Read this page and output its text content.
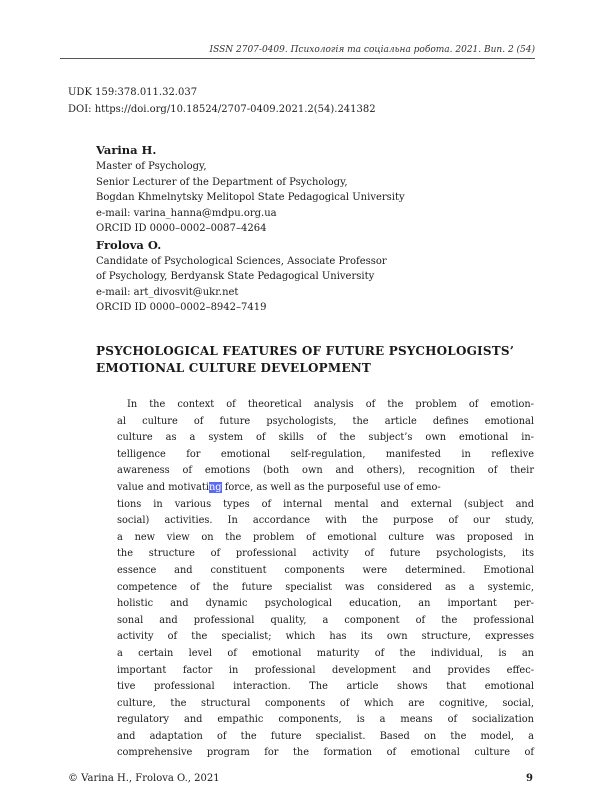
ISSN 2707-0409. Психологія та соціальна робота. 2021. Вип. 2 (54)
UDK 159:378.011.32.037
DOI: https://doi.org/10.18524/2707-0409.2021.2(54).241382
Varina H.
Master of Psychology,
Senior Lecturer of the Department of Psychology,
Bogdan Khmelnytsky Melitopol State Pedagogical University
e-mail: varina_hanna@mdpu.org.ua
ORCID ID 0000–0002–0087–4264
Frolova O.
Candidate of Psychological Sciences, Associate Professor
of Psychology, Berdyansk State Pedagogical University
e-mail: art_divosvit@ukr.net
ORCID ID 0000–0002–8942–7419
PSYCHOLOGICAL FEATURES OF FUTURE PSYCHOLOGISTS’
EMOTIONAL CULTURE DEVELOPMENT
In the context of theoretical analysis of the problem of emotion-
al culture of future psychologists, the article defines emotional
culture as a system of skills of the subject’s own emotional in-
telligence for emotional self-regulation, manifested in reflexive
awareness of emotions (both own and others), recognition of their
value and motivating force, as well as the purposeful use of emo-
tions in various types of internal mental and external (subject and
social) activities. In accordance with the purpose of our study,
a new view on the problem of emotional culture was proposed in
the structure of professional activity of future psychologists, its
essence and constituent components were determined. Emotional
competence of the future specialist was considered as a systemic,
holistic and dynamic psychological education, an important per-
sonal and professional quality, a component of the professional
activity of the specialist; which has its own structure, expresses
a certain level of emotional maturity of the individual, is an
important factor in professional development and provides effec-
tive professional interaction. The article shows that emotional
culture, the structural components of which are cognitive, social,
regulatory and empathic components, is a means of socialization
and adaptation of the future specialist. Based on the model, a
comprehensive program for the formation of emotional culture of
© Varina H., Frolova O., 2021	9
